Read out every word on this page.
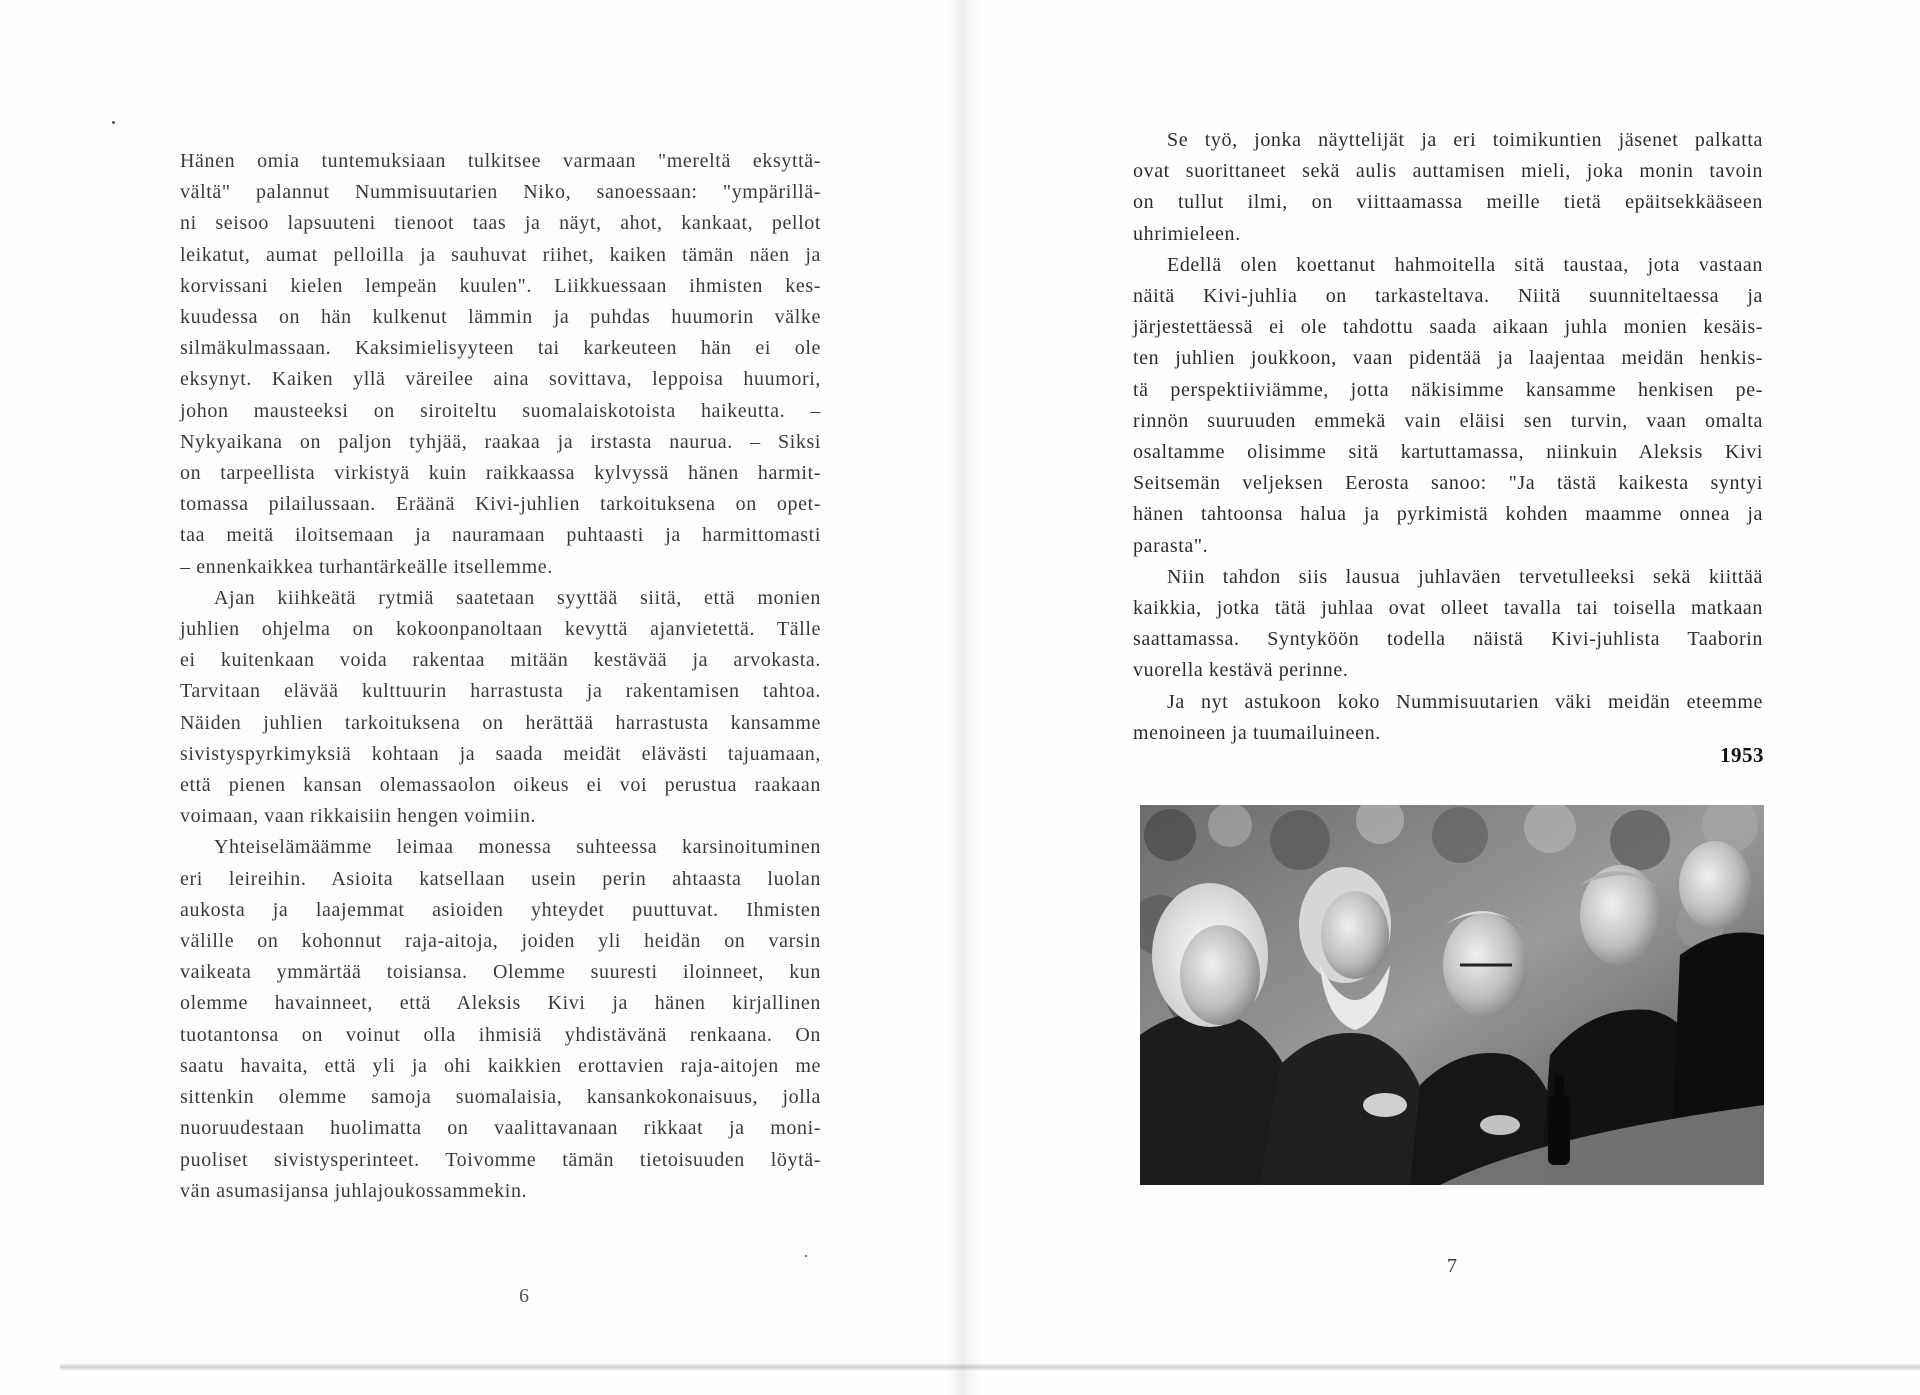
Hänen omia tuntemuksiaan tulkitsee varmaan "mereltä eksyttä-
vältä" palannut Nummisuutarien Niko, sanoessaan: "ympärillä-
ni seisoo lapsuuteni tienoot taas ja näyt, ahot, kankaat, pellot
leikatut, aumat pelloilla ja sauhuvat riihet, kaiken tämän näen ja
korvissani kielen lempeän kuulen". Liikkuessaan ihmisten kes-
kuudessa on hän kulkenut lämmin ja puhdas huumorin välke
silmäkulmassaan. Kaksimielisyyteen tai karkeuteen hän ei ole
eksynyt. Kaiken yllä väreilee aina sovittava, leppoisa huumori,
johon mausteeksi on siroiteltu suomalaiskotoista haikeutta. –
Nykyaikana on paljon tyhjää, raakaa ja irstasta naurua. – Siksi
on tarpeellista virkistyä kuin raikkaassa kylvyssä hänen harmit-
tomassa pilailussaan. Eräänä Kivi-juhlien tarkoituksena on opet-
taa meitä iloitsemaan ja nauramaan puhtaasti ja harmittomasti
– ennenkaikkea turhantärkeälle itsellemme.
Ajan kiihkeätä rytmiä saatetaan syyttää siitä, että monien
juhlien ohjelma on kokoonpanoltaan kevyttä ajanvietettä. Tälle
ei kuitenkaan voida rakentaa mitään kestävää ja arvokasta.
Tarvitaan elävää kulttuurin harrastusta ja rakentamisen tahtoa.
Näiden juhlien tarkoituksena on herättää harrastusta kansamme
sivistyspyrkimyksiä kohtaan ja saada meidät elävästi tajuamaan,
että pienen kansan olemassaolon oikeus ei voi perustua raakaan
voimaan, vaan rikkaisiin hengen voimiin.
Yhteiselämäämme leimaa monessa suhteessa karsinoituminen
eri leireihin. Asioita katsellaan usein perin ahtaasta luolan
aukosta ja laajemmat asioiden yhteydet puuttuvat. Ihmisten
välille on kohonnut raja-aitoja, joiden yli heidän on varsin
vaikeata ymmärtää toisiansa. Olemme suuresti iloinneet, kun
olemme havainneet, että Aleksis Kivi ja hänen kirjallinen
tuotantonsa on voinut olla ihmisiä yhdistävänä renkaana. On
saatu havaita, että yli ja ohi kaikkien erottavien raja-aitojen me
sittenkin olemme samoja suomalaisia, kansankokonaisuus, jolla
nuoruudestaan huolimatta on vaalittavanaan rikkaat ja moni-
puoliset sivistysperinteet. Toivomme tämän tietoisuuden löytä-
vän asumasijansa juhlajoukossammekin.
6
Se työ, jonka näyttelijät ja eri toimikuntien jäsenet palkatta
ovat suorittaneet sekä aulis auttamisen mieli, joka monin tavoin
on tullut ilmi, on viittaamassa meille tietä epäitsekkääseen
uhrimieleen.
Edellä olen koettanut hahmoitella sitä taustaa, jota vastaan
näitä Kivi-juhlia on tarkasteltava. Niitä suunniteltaessa ja
järjestettäessä ei ole tahdottu saada aikaan juhla monien kesäis-
ten juhlien joukkoon, vaan pidentää ja laajentaa meidän henkis-
tä perspektiiviämme, jotta näkisimme kansamme henkisen pe-
rinnön suuruuden emmekä vain eläisi sen turvin, vaan omalta
osaltamme olisimme sitä kartuttamassa, niinkuin Aleksis Kivi
Seitsemän veljeksen Eerosta sanoo: "Ja tästä kaikesta syntyi
hänen tahtoonsa halua ja pyrkimistä kohden maamme onnea ja
parasta".
Niin tahdon siis lausua juhlaväen tervetulleeksi sekä kiittää
kaikkia, jotka tätä juhlaa ovat olleet tavalla tai toisella matkaan
saattamassa. Syntyköön todella näistä Kivi-juhlista Taaborin
vuorella kestävä perinne.
Ja nyt astukoon koko Nummisuutarien väki meidän eteemme
menoineen ja tuumailuineen.
1953
7
